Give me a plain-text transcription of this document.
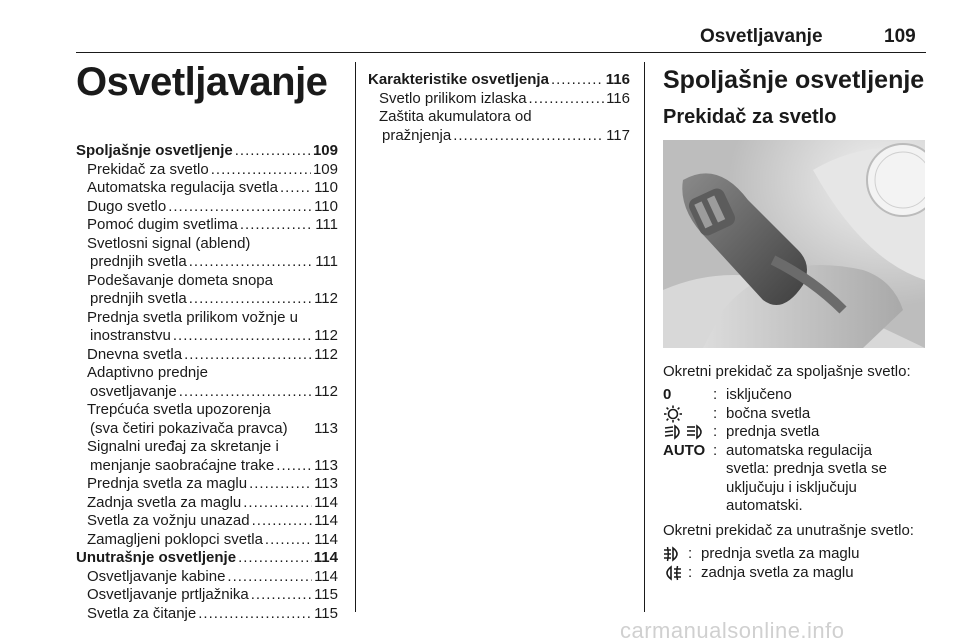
Osvetljavanje	109
Osvetljavanje
Spoljašnje osvetljenje .....	109
Prekidač za svetlo .....	109
Automatska regulacija svetla ..... 110
Dugo svetlo .....	110
Pomoć dugim svetlima .....	111
Svetlosni signal (ablend)
prednjih svetla .....	111
Podešavanje dometa snopa
prednjih svetla .....	112
Prednja svetla prilikom vožnje u
inostranstvu .....	112
Dnevna svetla .....	112
Adaptivno prednje
osvetljavanje .....	112
Trepćuća svetla upozorenja
(sva četiri pokazivača pravca) 113
Signalni uređaj za skretanje i
menjanje saobraćajne trake .....	113
Prednja svetla za maglu .....	113
Zadnja svetla za maglu .....	114
Svetla za vožnju unazad .....	114
Zamagljeni poklopci svetla .....	114
Unutrašnje osvetljenje .....	114
Osvetljavanje kabine .....	114
Osvetljavanje prtljažnika .....	115
Svetla za čitanje .....	115
Karakteristike osvetljenja .....	116
Svetlo prilikom izlaska .....	116
Zaštita akumulatora od
pražnjenja .....	117
Spoljašnje osvetljenje
Prekidač za svetlo
Okretni prekidač za spoljašnje svetlo:
0	: isključeno
: bočna svetla
: prednja svetla
AUTO : automatska regulacija
svetla: prednja svetla se
uključuju i isključuju
automatski.
Okretni prekidač za unutrašnje svetlo:
: prednja svetla za maglu
: zadnja svetla za maglu
carmanualsonline.info
